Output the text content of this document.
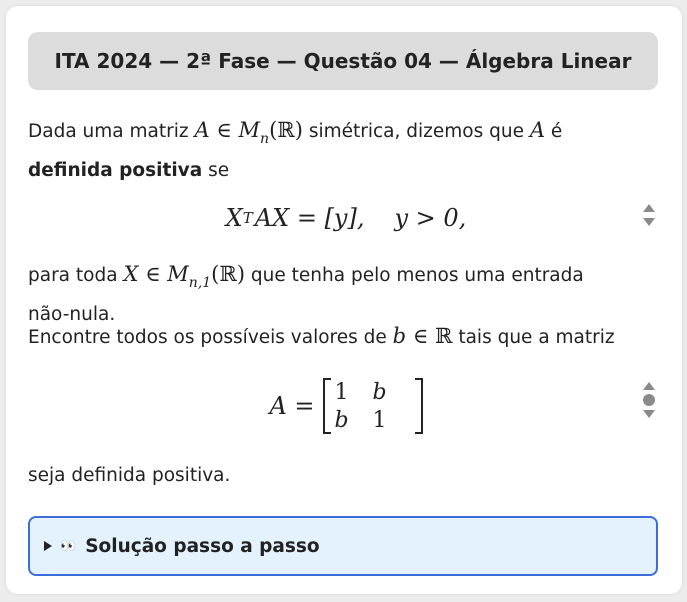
ITA 2024 — 2ª Fase — Questão 04 — Álgebra Linear
Dada uma matriz A ∈ $M_n(ℝ)$ simétrica, dizemos que A é
definida positiva se
X T AX = [y], y > 0,
para toda X ∈ $M_{n,1}(ℝ)$ que tenha pelo menos uma entrada
não-nula.
Encontre todos os possíveis valores de b ∈ ℝ tais que a matriz
A = 1	b
b	1
seja definida positiva.
👀 Solução passo a passo
